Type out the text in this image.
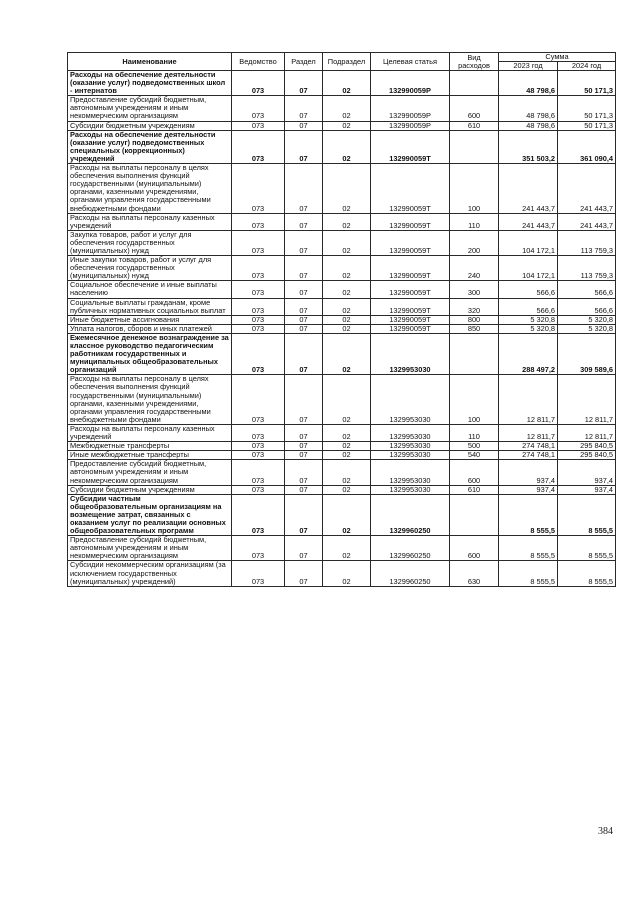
Наименование	Ведомство	Раздел	Подраздел	Целевая статья	Вид расходов	Сумма	
						2023 год	2024 год
Расходы на обеспечение деятельности (оказание услуг) подведомственных школ - интернатов	073	07	02	132990059Р		48 798,6	50 171,3
Предоставление субсидий бюджетным, автономным учреждениям и иным некоммерческим организациям	073	07	02	132990059Р	600	48 798,6	50 171,3
Субсидии бюджетным учреждениям	073	07	02	132990059Р	610	48 798,6	50 171,3
Расходы на обеспечение деятельности (оказание услуг) подведомственных специальных (коррекционных) учреждений	073	07	02	132990059Т		351 503,2	361 090,4
Расходы на выплаты персоналу в целях обеспечения выполнения функций государственными (муниципальными) органами, казенными учреждениями, органами управления государственными внебюджетными фондами	073	07	02	132990059Т	100	241 443,7	241 443,7
Расходы на выплаты персоналу казенных учреждений	073	07	02	132990059Т	110	241 443,7	241 443,7
Закупка товаров, работ и услуг для обеспечения государственных (муниципальных) нужд	073	07	02	132990059Т	200	104 172,1	113 759,3
Иные закупки товаров, работ и услуг для обеспечения государственных (муниципальных) нужд	073	07	02	132990059Т	240	104 172,1	113 759,3
Социальное обеспечение и иные выплаты населению	073	07	02	132990059Т	300	566,6	566,6
Социальные выплаты гражданам, кроме публичных нормативных социальных выплат	073	07	02	132990059Т	320	566,6	566,6
Иные бюджетные ассигнования	073	07	02	132990059Т	800	5 320,8	5 320,8
Уплата налогов, сборов и иных платежей	073	07	02	132990059Т	850	5 320,8	5 320,8
Ежемесячное денежное вознаграждение за классное руководство педагогическим работникам государственных и муниципальных общеобразовательных организаций	073	07	02	1329953030		288 497,2	309 589,6
Расходы на выплаты персоналу в целях обеспечения выполнения функций государственными (муниципальными) органами, казенными учреждениями, органами управления государственными внебюджетными фондами	073	07	02	1329953030	100	12 811,7	12 811,7
Расходы на выплаты персоналу казенных учреждений	073	07	02	1329953030	110	12 811,7	12 811,7
Межбюджетные трансферты	073	07	02	1329953030	500	274 748,1	295 840,5
Иные межбюджетные трансферты	073	07	02	1329953030	540	274 748,1	295 840,5
Предоставление субсидий бюджетным, автономным учреждениям и иным некоммерческим организациям	073	07	02	1329953030	600	937,4	937,4
Субсидии бюджетным учреждениям	073	07	02	1329953030	610	937,4	937,4
Субсидии частным общеобразовательным организациям на возмещение затрат, связанных с оказанием услуг по реализации основных общеобразовательных программ	073	07	02	1329960250		8 555,5	8 555,5
Предоставление субсидий бюджетным, автономным учреждениям и иным некоммерческим организациям	073	07	02	1329960250	600	8 555,5	8 555,5
Субсидии некоммерческим организациям (за исключением государственных (муниципальных) учреждений)	073	07	02	1329960250	630	8 555,5	8 555,5
384
